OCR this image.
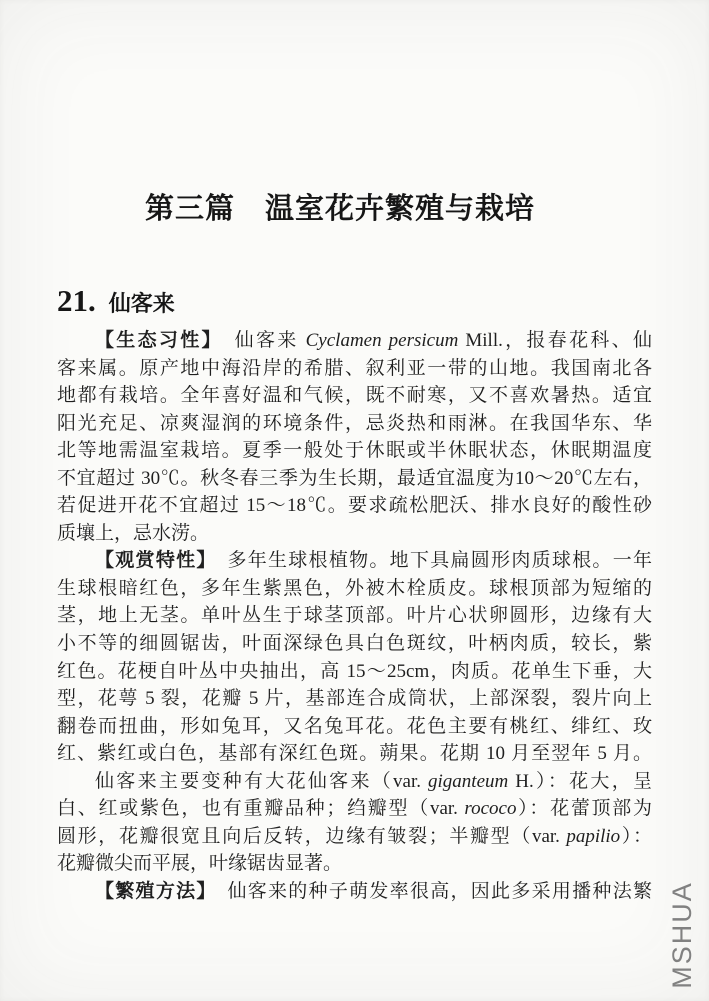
第三篇　温室花卉繁殖与栽培
21. 仙客来
【生态习性】　仙客来 Cyclamen persicum Mill.，报春花科、仙
客来属。原产地中海沿岸的希腊、叙利亚一带的山地。我国南北各
地都有栽培。全年喜好温和气候，既不耐寒，又不喜欢暑热。适宜
阳光充足、凉爽湿润的环境条件，忌炎热和雨淋。在我国华东、华
北等地需温室栽培。夏季一般处于休眠或半休眠状态，休眠期温度
不宜超过 30℃。秋冬春三季为生长期，最适宜温度为10～20℃左右，
若促进开花不宜超过 15～18℃。要求疏松肥沃、排水良好的酸性砂
质壤上，忌水涝。
【观赏特性】　多年生球根植物。地下具扁圆形肉质球根。一年
生球根暗红色，多年生紫黑色，外被木栓质皮。球根顶部为短缩的
茎，地上无茎。单叶丛生于球茎顶部。叶片心状卵圆形，边缘有大
小不等的细圆锯齿，叶面深绿色具白色斑纹，叶柄肉质，较长，紫
红色。花梗自叶丛中央抽出，高 15～25cm，肉质。花单生下垂，大
型，花萼 5 裂，花瓣 5 片，基部连合成筒状，上部深裂，裂片向上
翻卷而扭曲，形如兔耳，又名兔耳花。花色主要有桃红、绯红、玫
红、紫红或白色，基部有深红色斑。蒴果。花期 10 月至翌年 5 月。
仙客来主要变种有大花仙客来（var. giganteum H.）：花大，呈
白、红或紫色，也有重瓣品种；绉瓣型（var. rococo）：花蕾顶部为
圆形，花瓣很宽且向后反转，边缘有皱裂；半瓣型（var. papilio）：
花瓣微尖而平展，叶缘锯齿显著。
【繁殖方法】　仙客来的种子萌发率很高，因此多采用播种法繁 MSHUA
